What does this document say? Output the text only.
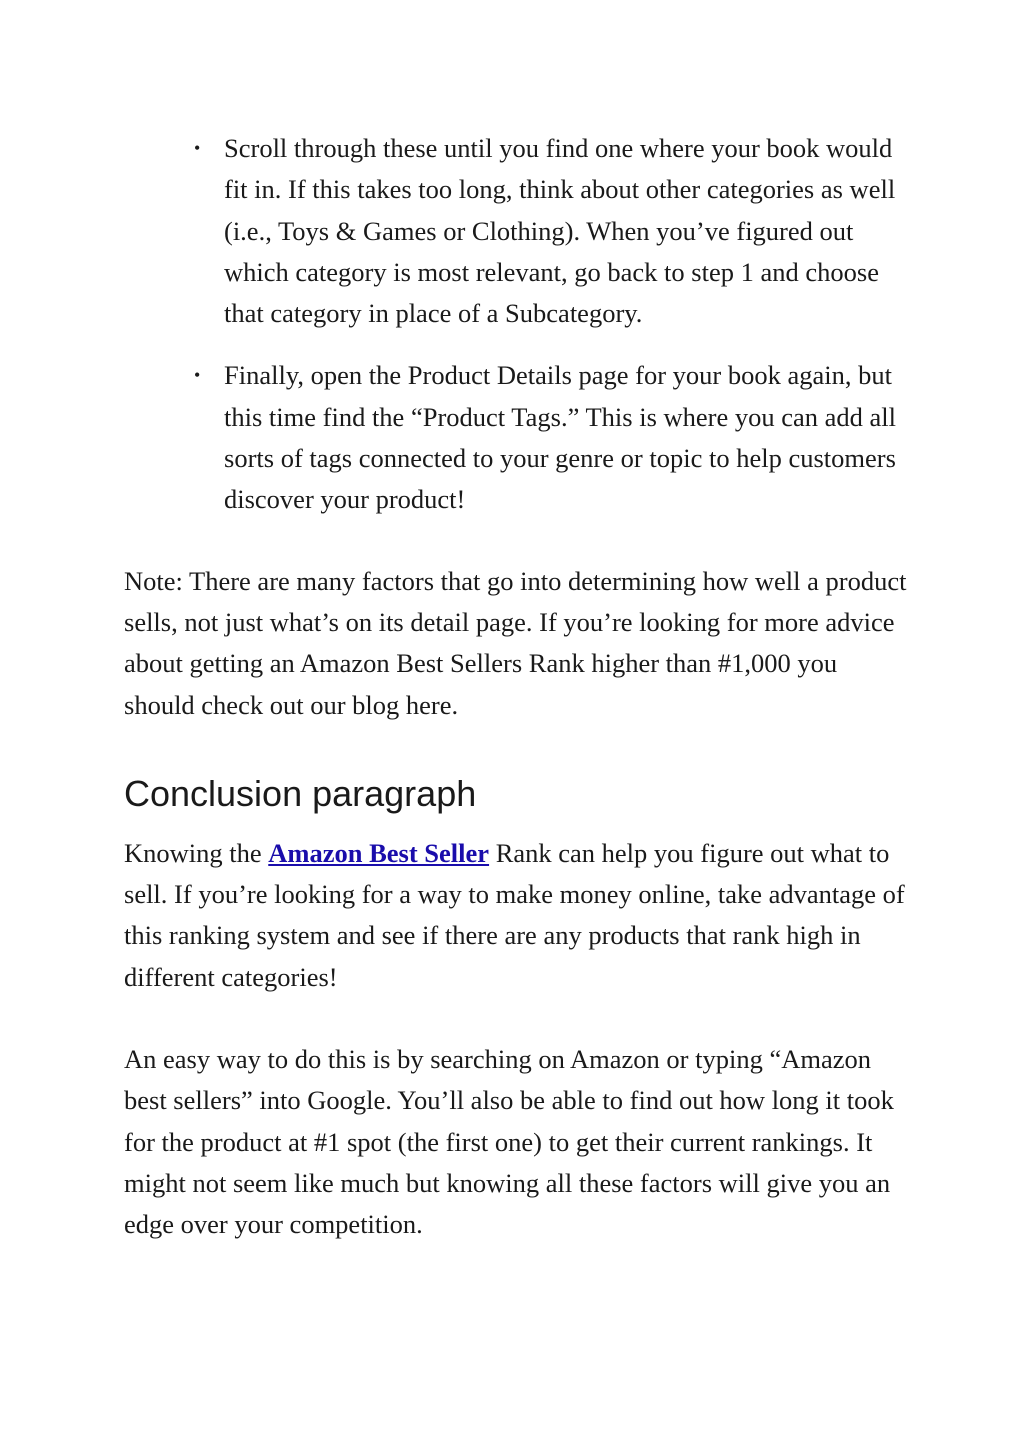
• Scroll through these until you find one where your book would fit in. If this takes too long, think about other categories as well (i.e., Toys & Games or Clothing). When you’ve figured out which category is most relevant, go back to step 1 and choose that category in place of a Subcategory.
• Finally, open the Product Details page for your book again, but this time find the “Product Tags.” This is where you can add all sorts of tags connected to your genre or topic to help customers discover your product!

Note: There are many factors that go into determining how well a product sells, not just what’s on its detail page. If you’re looking for more advice about getting an Amazon Best Sellers Rank higher than #1,000 you should check out our blog here.

Conclusion paragraph

Knowing the Amazon Best Seller Rank can help you figure out what to sell. If you’re looking for a way to make money online, take advantage of this ranking system and see if there are any products that rank high in different categories!

An easy way to do this is by searching on Amazon or typing “Amazon best sellers” into Google. You’ll also be able to find out how long it took for the product at #1 spot (the first one) to get their current rankings. It might not seem like much but knowing all these factors will give you an edge over your competition.
